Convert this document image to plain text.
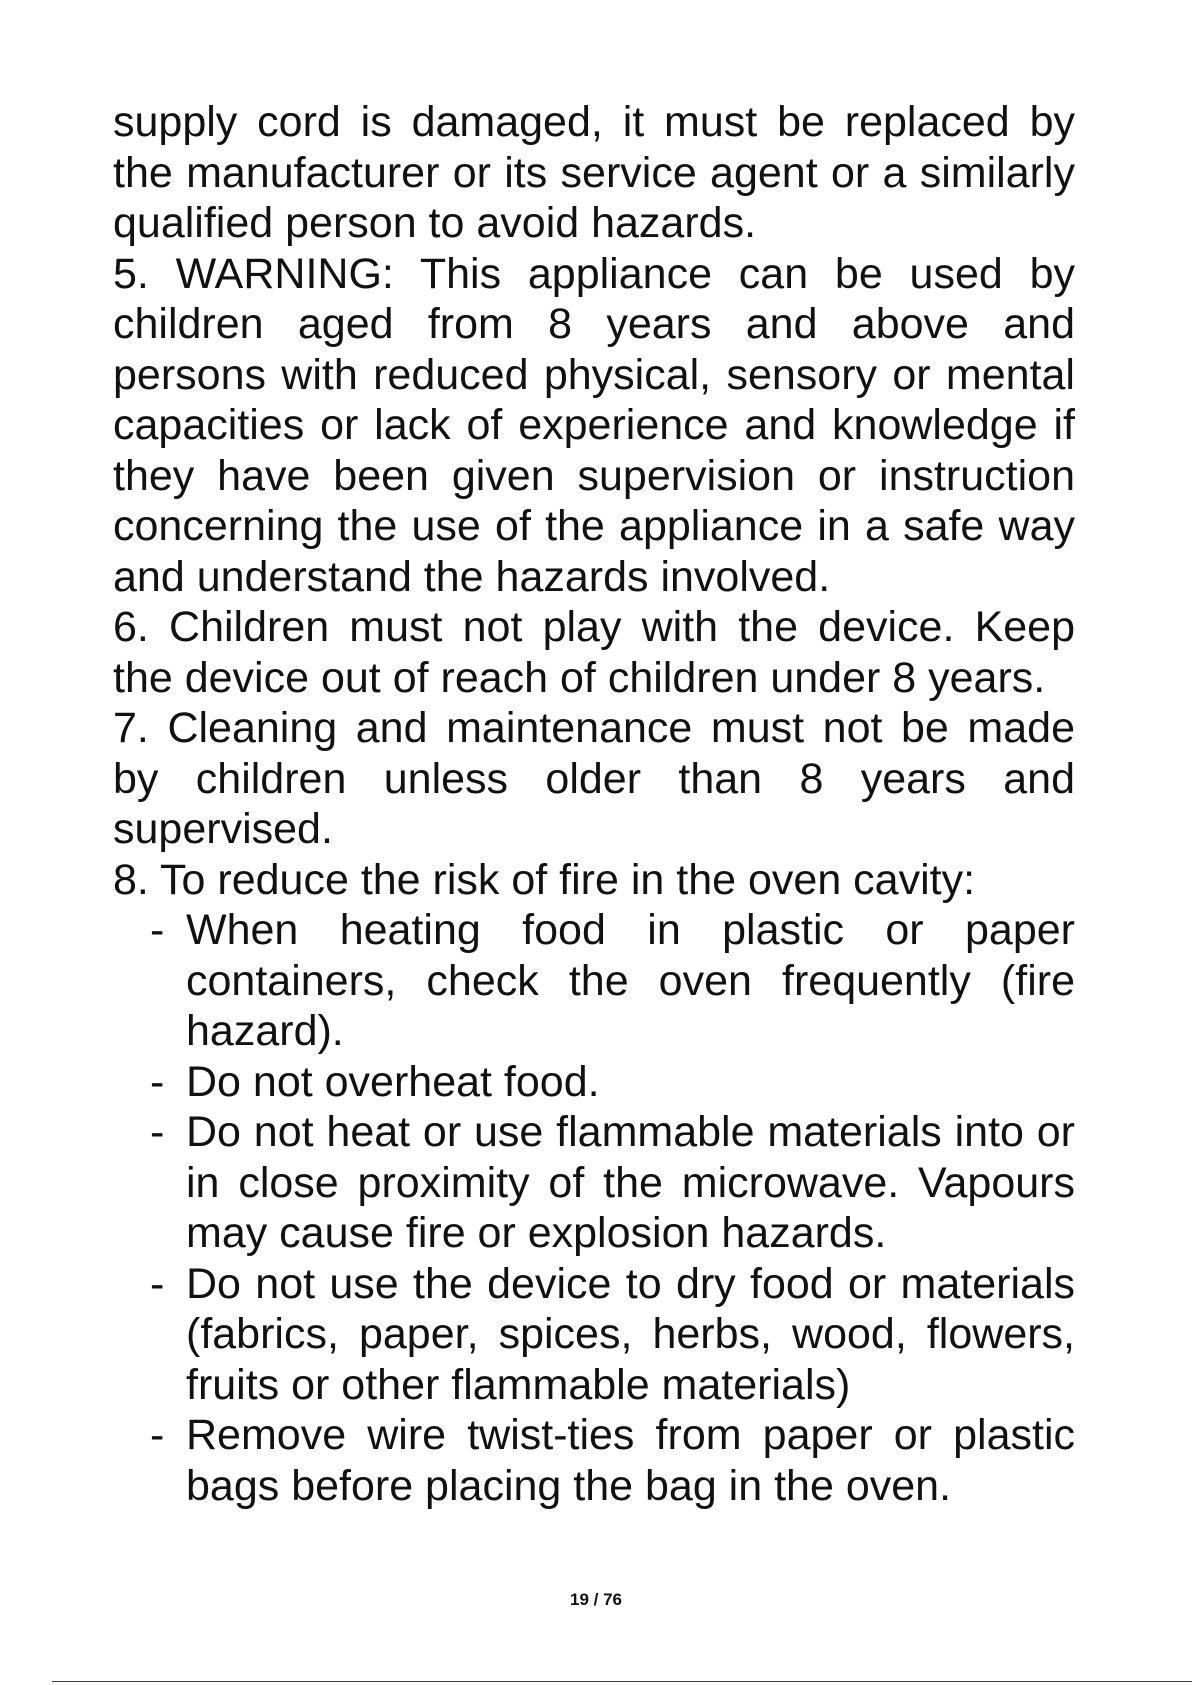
supply cord is damaged, it must be replaced by the manufacturer or its service agent or a similarly qualified person to avoid hazards.

5. WARNING: This appliance can be used by children aged from 8 years and above and persons with reduced physical, sensory or mental capacities or lack of experience and knowledge if they have been given supervision or instruction concerning the use of the appliance in a safe way and understand the hazards involved.

6. Children must not play with the device. Keep the device out of reach of children under 8 years.

7. Cleaning and maintenance must not be made by children unless older than 8 years and supervised.

8. To reduce the risk of fire in the oven cavity:

- When heating food in plastic or paper containers, check the oven frequently (fire hazard).
- Do not overheat food.
- Do not heat or use flammable materials into or in close proximity of the microwave. Vapours may cause fire or explosion hazards.
- Do not use the device to dry food or materials (fabrics, paper, spices, herbs, wood, flowers, fruits or other flammable materials)
- Remove wire twist-ties from paper or plastic bags before placing the bag in the oven.
19 / 76
